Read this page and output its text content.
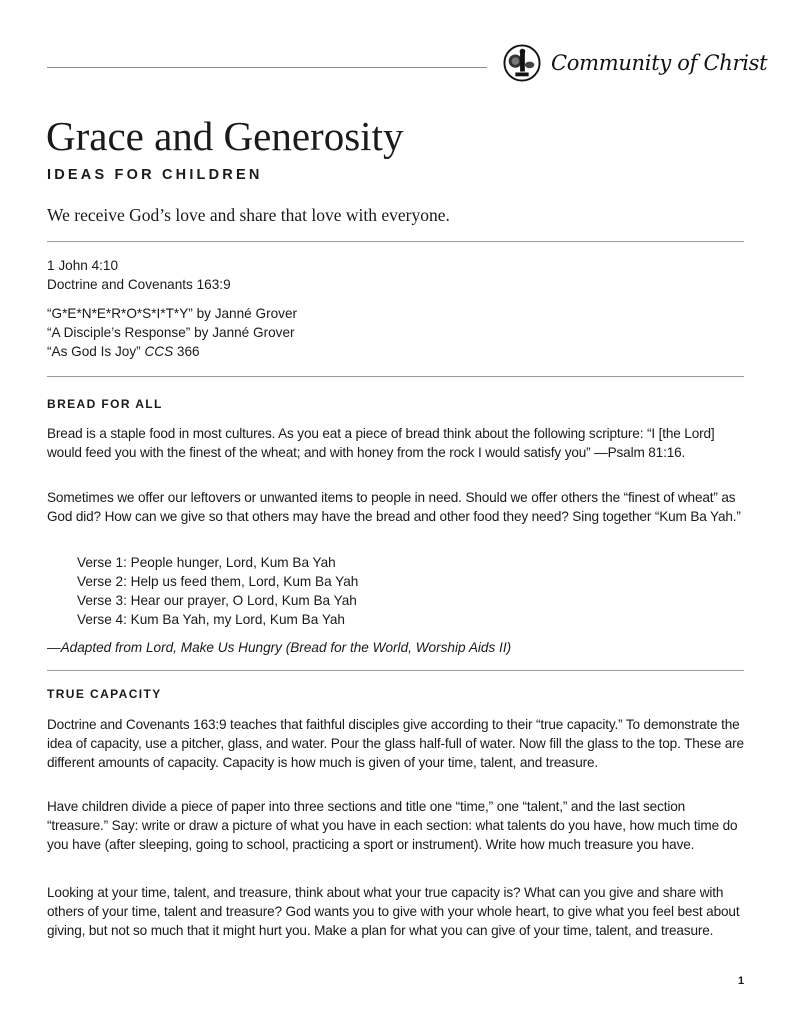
Community of Christ
Grace and Generosity
IDEAS FOR CHILDREN

We receive God’s love and share that love with everyone.

1 John 4:10

Doctrine and Covenants 163:9

“G*E*N*E*R*O*S*I*T*Y” by Janné Grover

“A Disciple’s Response” by Janné Grover

“As God Is Joy” CCS 366

BREAD FOR ALL

Bread is a staple food in most cultures. As you eat a piece of bread think about the following scripture: “I [the Lord] would feed you with the finest of the wheat; and with honey from the rock I would satisfy you” —Psalm 81:16.

Sometimes we offer our leftovers or unwanted items to people in need. Should we offer others the “finest of wheat” as God did? How can we give so that others may have the bread and other food they need? Sing together “Kum Ba Yah.”

Verse 1: People hunger, Lord, Kum Ba Yah

Verse 2: Help us feed them, Lord, Kum Ba Yah

Verse 3: Hear our prayer, O Lord, Kum Ba Yah

Verse 4: Kum Ba Yah, my Lord, Kum Ba Yah

—Adapted from Lord, Make Us Hungry (Bread for the World, Worship Aids II)

TRUE CAPACITY

Doctrine and Covenants 163:9 teaches that faithful disciples give according to their “true capacity.” To demonstrate the idea of capacity, use a pitcher, glass, and water. Pour the glass half-full of water. Now fill the glass to the top. These are different amounts of capacity. Capacity is how much is given of your time, talent, and treasure.

Have children divide a piece of paper into three sections and title one “time,” one “talent,” and the last section “treasure.” Say: write or draw a picture of what you have in each section: what talents do you have, how much time do you have (after sleeping, going to school, practicing a sport or instrument). Write how much treasure you have.

Looking at your time, talent, and treasure, think about what your true capacity is? What can you give and share with others of your time, talent and treasure? God wants you to give with your whole heart, to give what you feel best about giving, but not so much that it might hurt you. Make a plan for what you can give of your time, talent, and treasure.

1
